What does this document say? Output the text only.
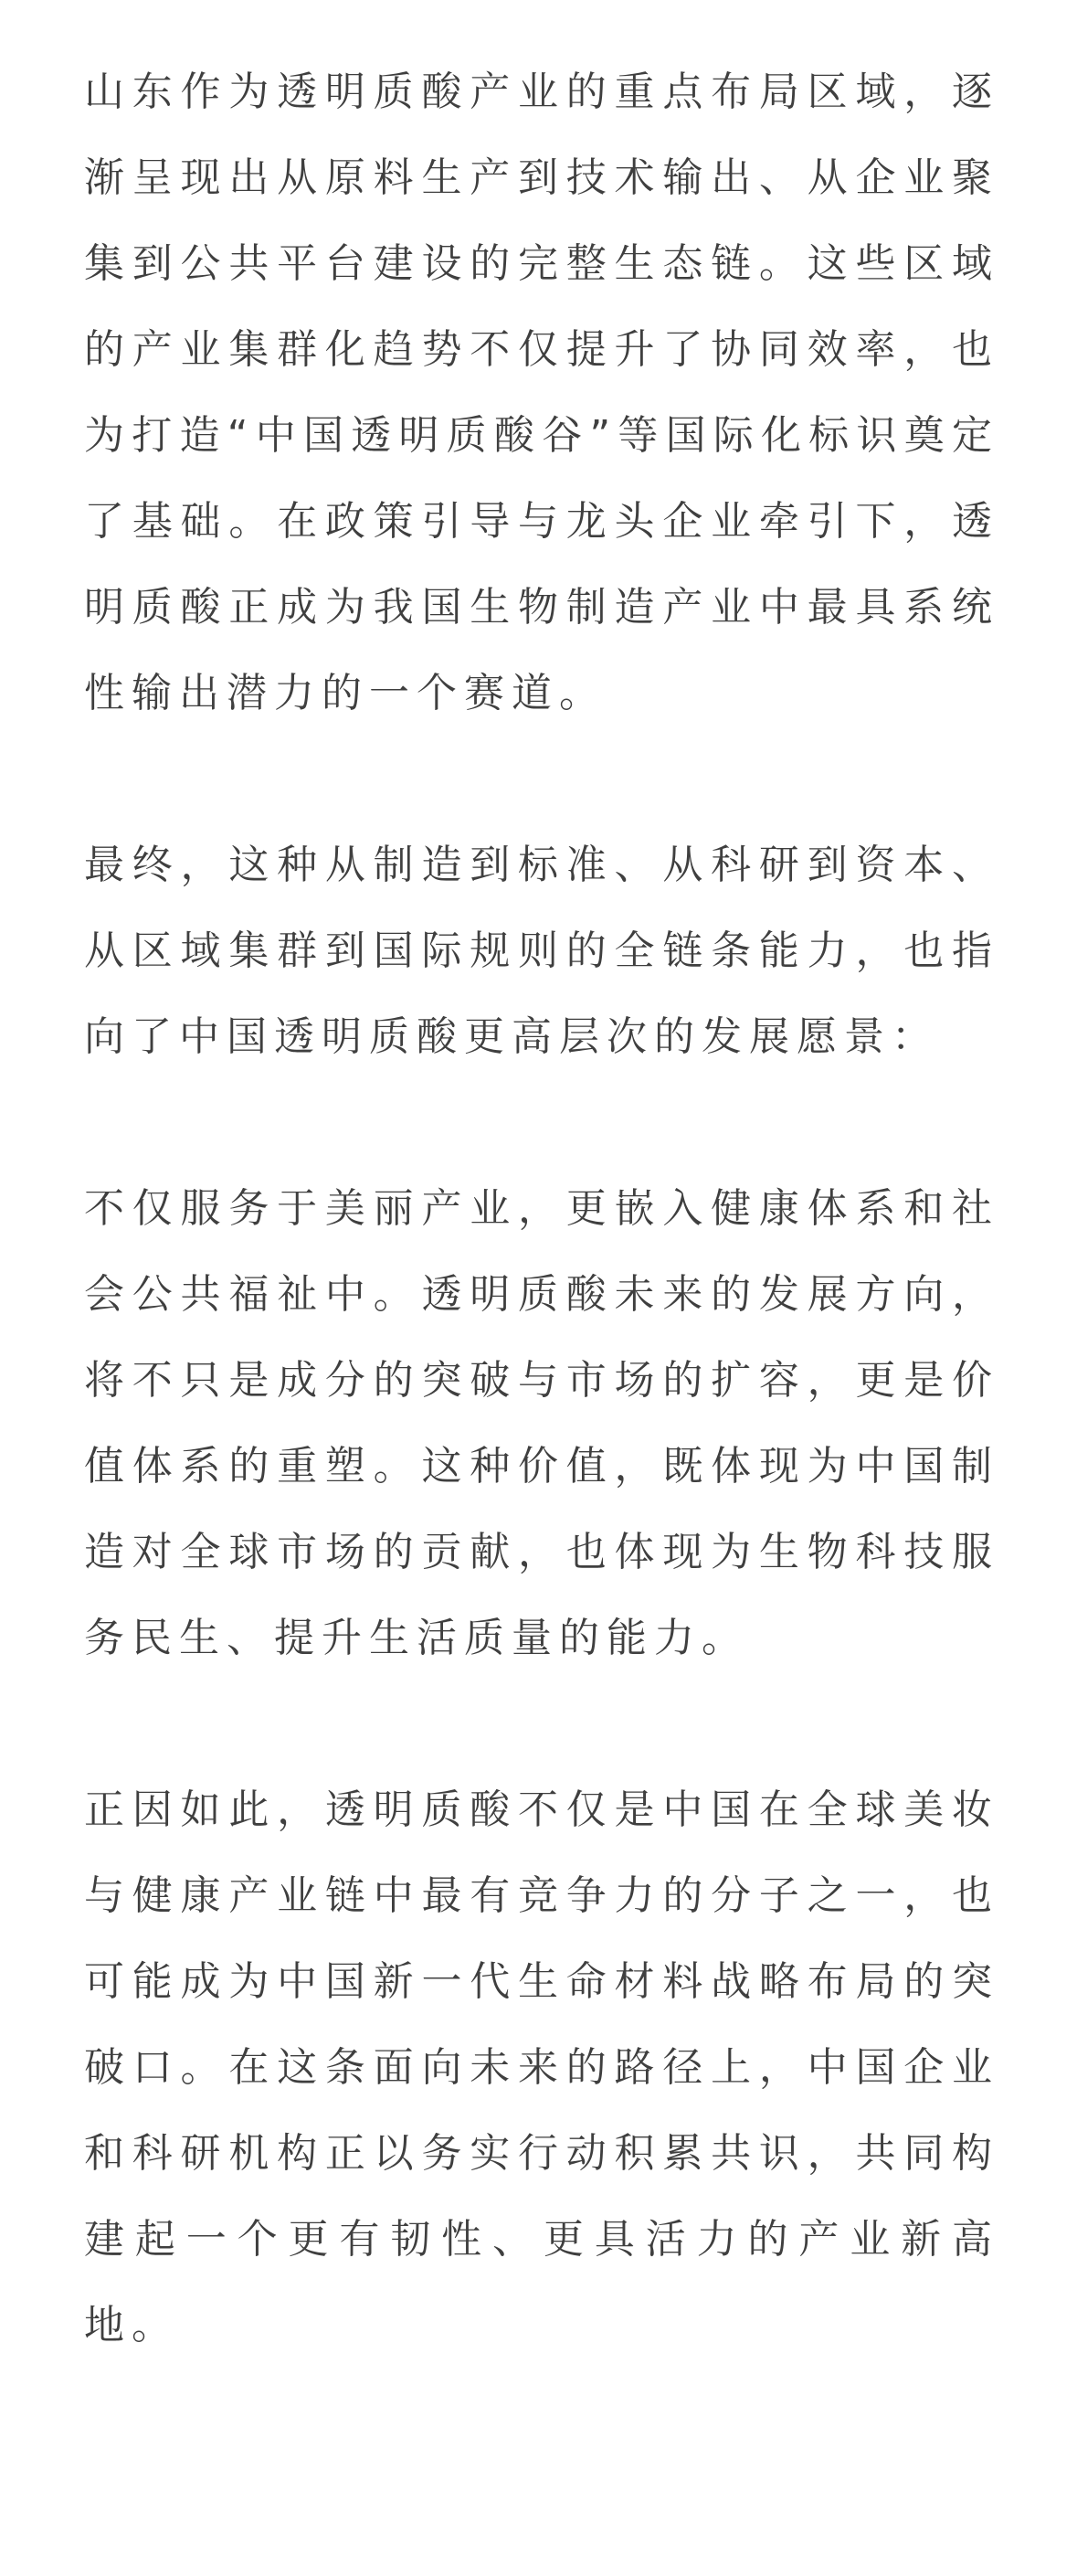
山东作为透明质酸产业的重点布局区域，逐渐呈现出从原料生产到技术输出、从企业聚集到公共平台建设的完整生态链。这些区域的产业集群化趋势不仅提升了协同效率，也为打造“中国透明质酸谷”等国际化标识奠定了基础。在政策引导与龙头企业牵引下，透明质酸正成为我国生物制造产业中最具系统性输出潜力的一个赛道。

最终，这种从制造到标准、从科研到资本、从区域集群到国际规则的全链条能力，也指向了中国透明质酸更高层次的发展愿景：

不仅服务于美丽产业，更嵌入健康体系和社会公共福祉中。透明质酸未来的发展方向，将不只是成分的突破与市场的扩容，更是价值体系的重塑。这种价值，既体现为中国制造对全球市场的贡献，也体现为生物科技服务民生、提升生活质量的能力。

正因如此，透明质酸不仅是中国在全球美妆与健康产业链中最有竞争力的分子之一，也可能成为中国新一代生命材料战略布局的突破口。在这条面向未来的路径上，中国企业和科研机构正以务实行动积累共识，共同构建起一个更有韧性、更具活力的产业新高地。
